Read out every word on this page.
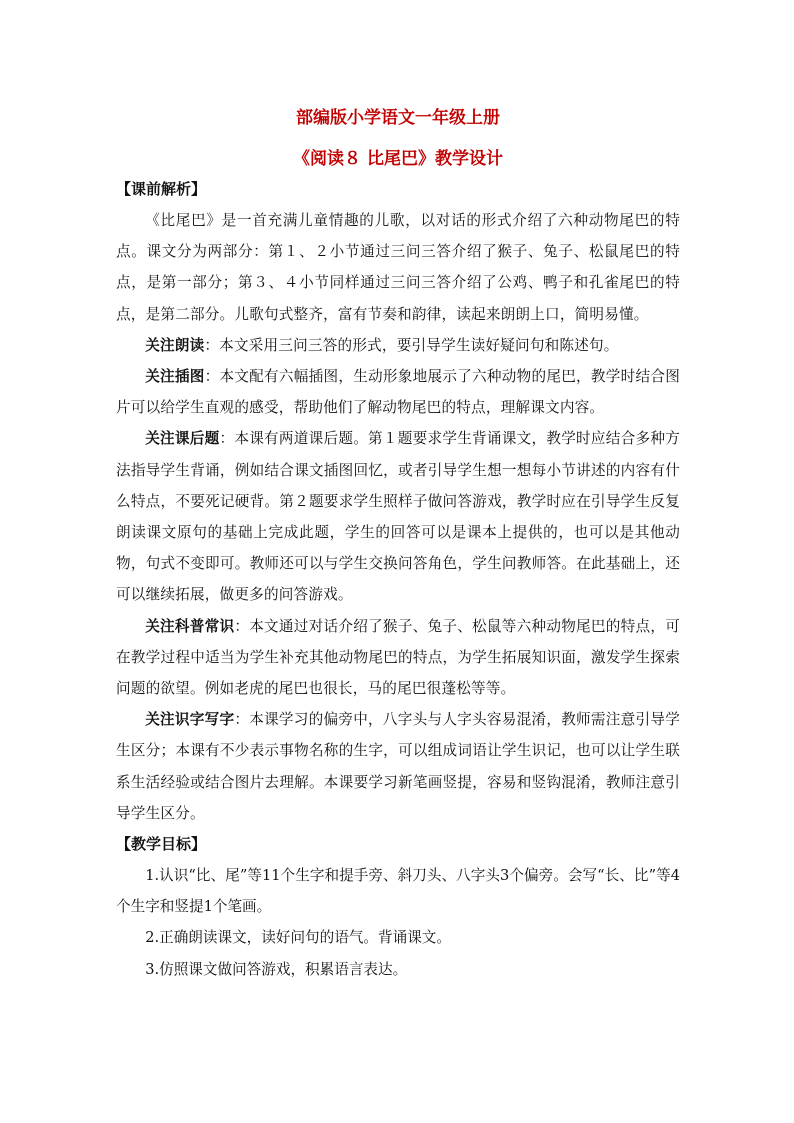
部编版小学语文一年级上册

《阅读８ 比尾巴》教学设计

【课前解析】

《比尾巴》是一首充满儿童情趣的儿歌，以对话的形式介绍了六种动物尾巴的特点。课文分为两部分：第１、２小节通过三问三答介绍了猴子、兔子、松鼠尾巴的特点，是第一部分；第３、４小节同样通过三问三答介绍了公鸡、鸭子和孔雀尾巴的特点，是第二部分。儿歌句式整齐，富有节奏和韵律，读起来朗朗上口，简明易懂。

关注朗读：本文采用三问三答的形式，要引导学生读好疑问句和陈述句。

关注插图：本文配有六幅插图，生动形象地展示了六种动物的尾巴，教学时结合图片可以给学生直观的感受，帮助他们了解动物尾巴的特点，理解课文内容。

关注课后题：本课有两道课后题。第１题要求学生背诵课文，教学时应结合多种方法指导学生背诵，例如结合课文插图回忆，或者引导学生想一想每小节讲述的内容有什么特点，不要死记硬背。第２题要求学生照样子做问答游戏，教学时应在引导学生反复朗读课文原句的基础上完成此题，学生的回答可以是课本上提供的，也可以是其他动物，句式不变即可。教师还可以与学生交换问答角色，学生问教师答。在此基础上，还可以继续拓展，做更多的问答游戏。

关注科普常识：本文通过对话介绍了猴子、兔子、松鼠等六种动物尾巴的特点，可在教学过程中适当为学生补充其他动物尾巴的特点，为学生拓展知识面，激发学生探索问题的欲望。例如老虎的尾巴也很长，马的尾巴很蓬松等等。

关注识字写字：本课学习的偏旁中，八字头与人字头容易混淆，教师需注意引导学生区分；本课有不少表示事物名称的生字，可以组成词语让学生识记，也可以让学生联系生活经验或结合图片去理解。本课要学习新笔画竖提，容易和竖钩混淆，教师注意引导学生区分。

【教学目标】

1.认识“比、尾”等11个生字和提手旁、斜刀头、八字头3个偏旁。会写“长、比”等4个生字和竖提1个笔画。

2.正确朗读课文，读好问句的语气。背诵课文。

3.仿照课文做问答游戏，积累语言表达。
